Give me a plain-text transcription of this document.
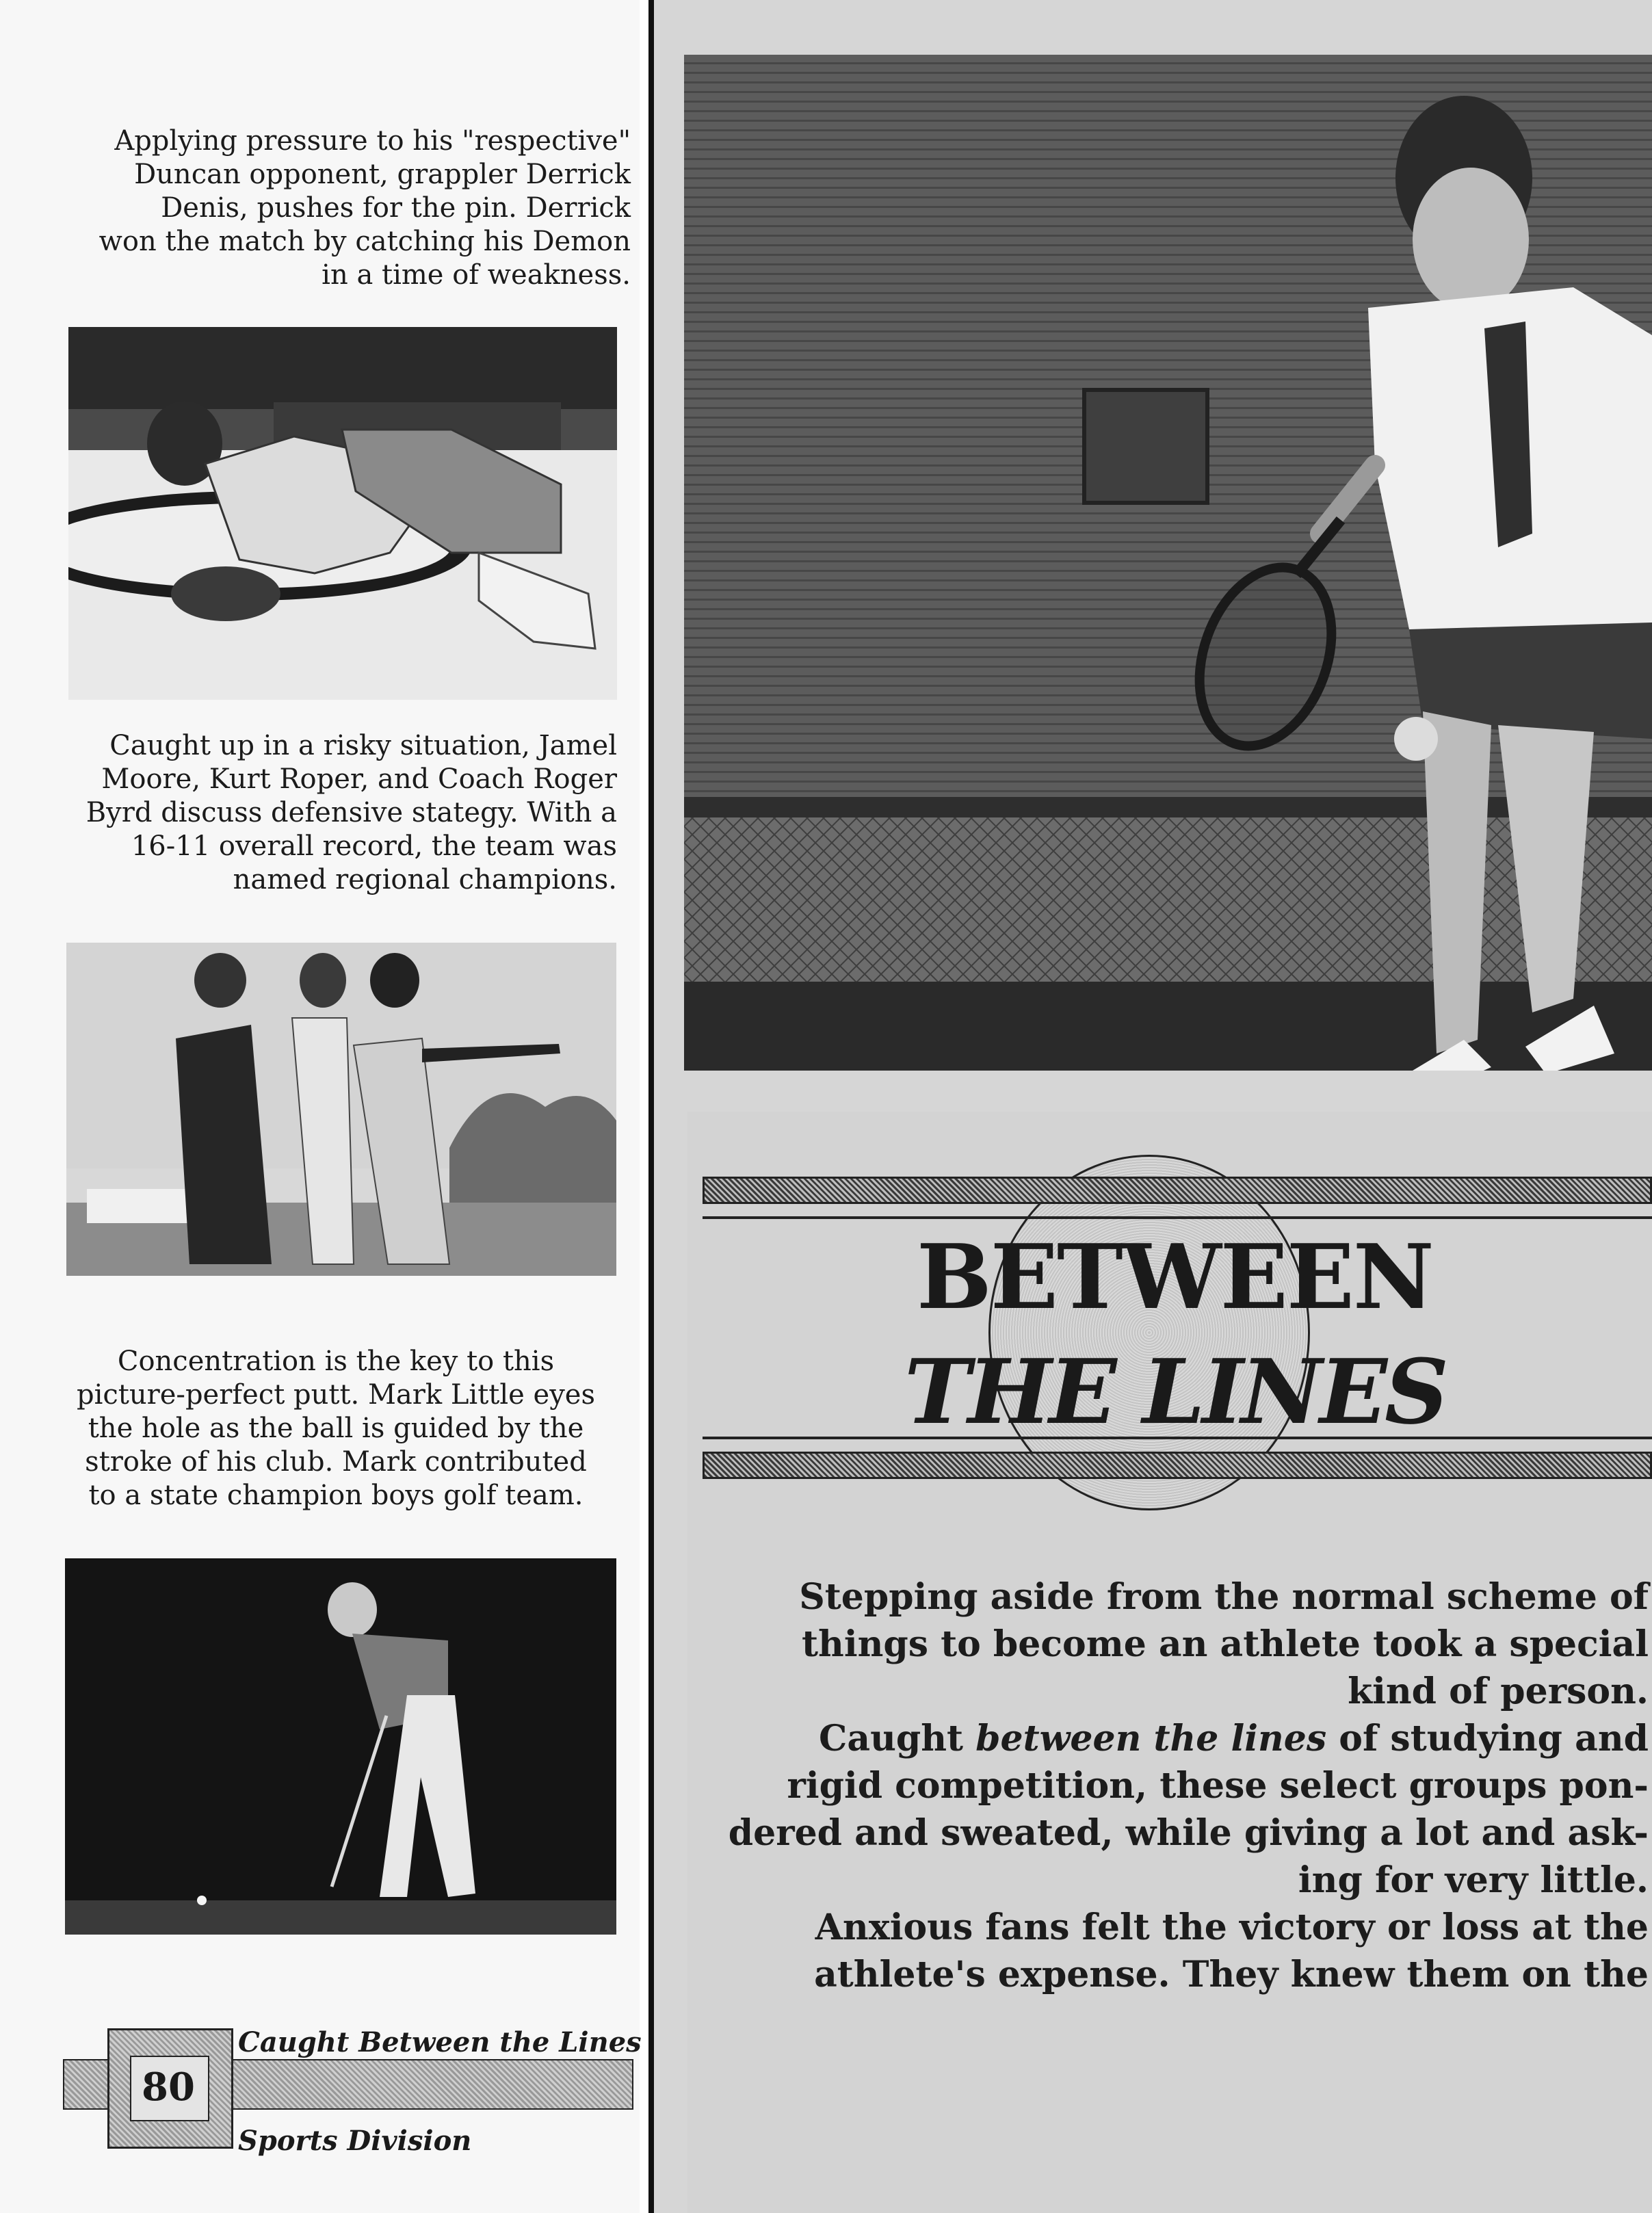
Applying pressure to his "respective"
Duncan opponent, grappler Derrick
Denis, pushes for the pin. Derrick
won the match by catching his Demon
in a time of weakness.

Caught up in a risky situation, Jamel
Moore, Kurt Roper, and Coach Roger
Byrd discuss defensive stategy. With a
16-11 overall record, the team was
named regional champions.

Concentration is the key to this
picture-perfect putt. Mark Little eyes
the hole as the ball is guided by the
stroke of his club. Mark contributed
to a state champion boys golf team.

80
Caught Between the Lines
Sports Division
BETWEEN
THE LINES

Stepping aside from the normal scheme of
things to become an athlete took a special
kind of person.

Caught between the lines of studying and
rigid competition, these select groups pon-
dered and sweated, while giving a lot and ask-
ing for very little.

Anxious fans felt the victory or loss at the
athlete's expense. They knew them on the
